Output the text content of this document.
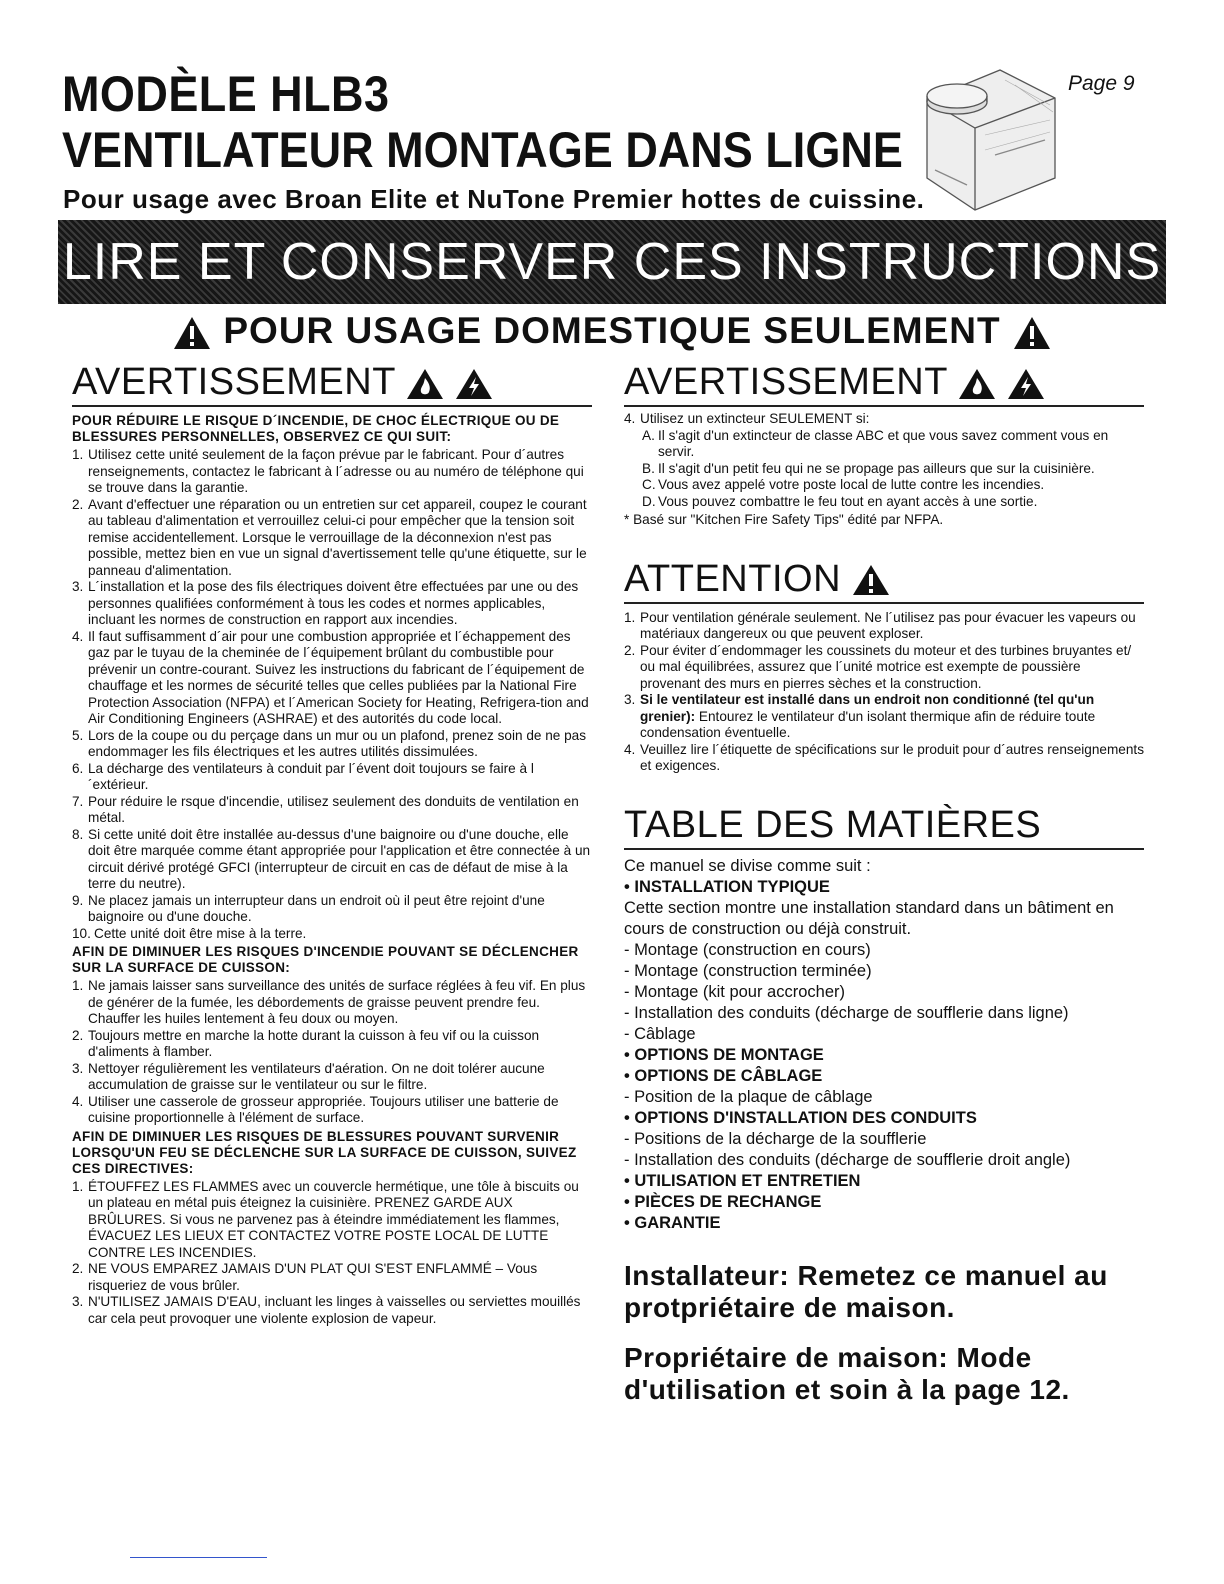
MODÈLE HLB3
VENTILATEUR MONTAGE DANS LIGNE
Pour usage avec Broan Elite et NuTone Premier hottes de cuissine.
Page 9
LIRE ET CONSERVER CES INSTRUCTIONS
POUR USAGE DOMESTIQUE SEULEMENT
AVERTISSEMENT
POUR RÉDUIRE LE RISQUE D´INCENDIE, DE CHOC ÉLECTRIQUE OU DE BLESSURES PERSONNELLES, OBSERVEZ CE QUI SUIT:
1. Utilisez cette unité seulement de la façon prévue par le fabricant. Pour d´autres renseignements, contactez le fabricant à l´adresse ou au numéro de téléphone qui se trouve dans la garantie.
2. Avant d'effectuer une réparation ou un entretien sur cet appareil, coupez le courant au tableau d'alimentation et verrouillez celui-ci pour empêcher que la tension soit remise accidentellement. Lorsque le verrouillage de la déconnexion n'est pas possible, mettez bien en vue un signal d'avertissement telle qu'une étiquette, sur le panneau d'alimentation.
3. L´installation et la pose des fils électriques doivent être effectuées par une ou des personnes qualifiées conformément à tous les codes et normes applicables, incluant les normes de construction en rapport aux incendies.
4. Il faut suffisamment d´air pour une combustion appropriée et l´échappement des gaz par le tuyau de la cheminée de l´équipement brûlant du combustible pour prévenir un contre-courant. Suivez les instructions du fabricant de l´équipement de chauffage et les normes de sécurité telles que celles publiées par la National Fire Protection Association (NFPA) et l´American Society for Heating, Refrigera-tion and Air Conditioning Engineers (ASHRAE) et des autorités du code local.
5. Lors de la coupe ou du perçage dans un mur ou un plafond, prenez soin de ne pas endommager les fils électriques et les autres utilités dissimulées.
6. La décharge des ventilateurs à conduit par l´évent doit toujours se faire à l´extérieur.
7. Pour réduire le rsque d'incendie, utilisez seulement des donduits de ventilation en métal.
8. Si cette unité doit être installée au-dessus d'une baignoire ou d'une douche, elle doit être marquée comme étant appropriée pour l'application et être connectée à un circuit dérivé protégé GFCI (interrupteur de circuit en cas de défaut de mise à la terre du neutre).
9. Ne placez jamais un interrupteur dans un endroit où il peut être rejoint d'une baignoire ou d'une douche.
10. Cette unité doit être mise à la terre.
AFIN DE DIMINUER LES RISQUES D'INCENDIE POUVANT SE DÉCLENCHER SUR LA SURFACE DE CUISSON:
1. Ne jamais laisser sans surveillance des unités de surface réglées à feu vif. En plus de générer de la fumée, les débordements de graisse peuvent prendre feu. Chauffer les huiles lentement à feu doux ou moyen.
2. Toujours mettre en marche la hotte durant la cuisson à feu vif ou la cuisson d'aliments à flamber.
3. Nettoyer régulièrement les ventilateurs d'aération. On ne doit tolérer aucune accumulation de graisse sur le ventilateur ou sur le filtre.
4. Utiliser une casserole de grosseur appropriée. Toujours utiliser une batterie de cuisine proportionnelle à l'élément de surface.
AFIN DE DIMINUER LES RISQUES DE BLESSURES POUVANT SURVENIR LORSQU'UN FEU SE DÉCLENCHE SUR LA SURFACE DE CUISSON, SUIVEZ CES DIRECTIVES:
1. ÉTOUFFEZ LES FLAMMES avec un couvercle hermétique, une tôle à biscuits ou un plateau en métal puis éteignez la cuisinière. PRENEZ GARDE AUX BRÛLURES. Si vous ne parvenez pas à éteindre immédiatement les flammes, ÉVACUEZ LES LIEUX ET CONTACTEZ VOTRE POSTE LOCAL DE LUTTE CONTRE LES INCENDIES.
2. NE VOUS EMPAREZ JAMAIS D'UN PLAT QUI S'EST ENFLAMMÉ – Vous risqueriez de vous brûler.
3. N'UTILISEZ JAMAIS D'EAU, incluant les linges à vaisselles ou serviettes mouillés car cela peut provoquer une violente explosion de vapeur.
AVERTISSEMENT
4. Utilisez un extincteur SEULEMENT si:
A. Il s'agit d'un extincteur de classe ABC et que vous savez comment vous en servir.
B. Il s'agit d'un petit feu qui ne se propage pas ailleurs que sur la cuisinière.
C. Vous avez appelé votre poste local de lutte contre les incendies.
D. Vous pouvez combattre le feu tout en ayant accès à une sortie.
* Basé sur "Kitchen Fire Safety Tips" édité par NFPA.
ATTENTION
1. Pour ventilation générale seulement. Ne l´utilisez pas pour évacuer les vapeurs ou matériaux dangereux ou que peuvent exploser.
2. Pour éviter d´endommager les coussinets du moteur et des turbines bruyantes et/ ou mal équilibrées, assurez que l´unité motrice est exempte de poussière provenant des murs en pierres sèches et la construction.
3. Si le ventilateur est installé dans un endroit non conditionné (tel qu'un grenier): Entourez le ventilateur d'un isolant thermique afin de réduire toute condensation éventuelle.
4. Veuillez lire l´étiquette de spécifications sur le produit pour d´autres renseignements et exigences.
TABLE DES MATIÈRES
Ce manuel se divise comme suit :
• INSTALLATION TYPIQUE
Cette section montre une installation standard dans un bâtiment en cours de construction ou déjà construit.
- Montage (construction en cours)
- Montage (construction terminée)
- Montage (kit pour accrocher)
- Installation des conduits (décharge de soufflerie dans ligne)
- Câblage
• OPTIONS DE MONTAGE
• OPTIONS DE CÂBLAGE
- Position de la plaque de câblage
• OPTIONS D'INSTALLATION DES CONDUITS
- Positions de la décharge de la soufflerie
- Installation des conduits (décharge de soufflerie droit angle)
• UTILISATION ET ENTRETIEN
• PIÈCES DE RECHANGE
• GARANTIE
Installateur: Remetez ce manuel au protpriétaire de maison.
Propriétaire de maison: Mode d'utilisation et soin à la page 12.
